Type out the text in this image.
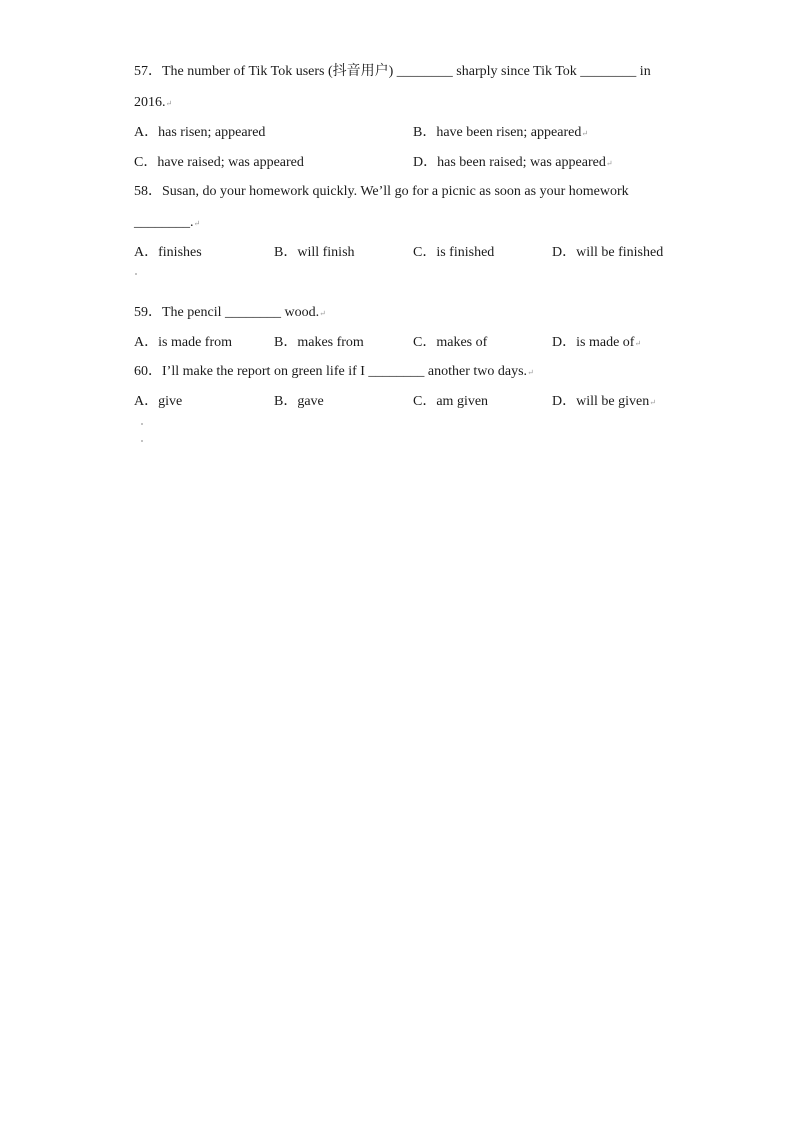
57．The number of Tik Tok users (抖音用户) ________ sharply since Tik Tok ________ in
2016.↵
A．has risen; appeared	B．have been risen; appeared↵
C．have raised; was appeared	D．has been raised; was appeared↵
58．Susan, do your homework quickly. We’ll go for a picnic as soon as your homework
________.↵
A．finishes	B．will finish	C．is finished	D．will be finished
59．The pencil ________ wood.↵
A．is made from	B．makes from	C．makes of	D．is made of↵
60．I’ll make the report on green life if I ________ another two days.↵
A．give	B．gave	C．am given	D．will be given↵
